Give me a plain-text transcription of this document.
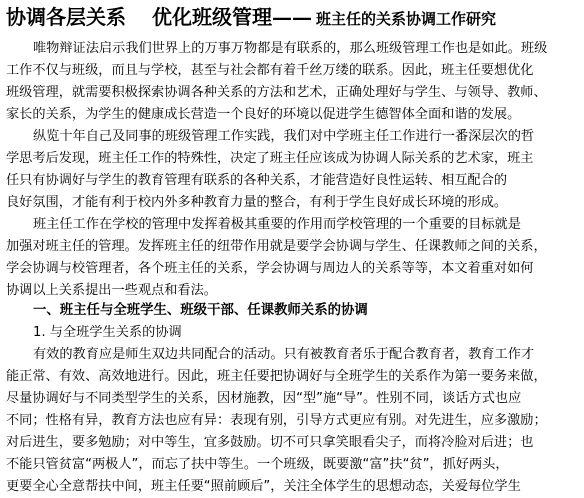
协调各层关系 优化班级管理—— 班主任的关系协调工作研究
唯物辩证法启示我们世界上的万事万物都是有联系的，那么班级管理工作也是如此。班级
工作不仅与班级，而且与学校，甚至与社会都有着千丝万缕的联系。因此，班主任要想优化
班级管理，就需要积极探索协调各种关系的方法和艺术，正确处理好与学生、与领导、教师、
家长的关系，为学生的健康成长营造一个良好的环境以促进学生德智体全面和谐的发展。
纵览十年自己及同事的班级管理工作实践，我们对中学班主任工作进行一番深层次的哲
学思考后发现，班主任工作的特殊性，决定了班主任应该成为协调人际关系的艺术家，班主
任只有协调好与学生的教育管理有联系的各种关系，才能营造好良性运转、相互配合的
良好氛围，才能有利于校内外多种教育力量的整合，有利于学生良好成长环境的形成。
班主任工作在学校的管理中发挥着极其重要的作用而学校管理的一个重要的目标就是
加强对班主任的管理。发挥班主任的纽带作用就是要学会协调与学生、任课教师之间的关系，
学会协调与校管理者，各个班主任的关系，学会协调与周边人的关系等等，本文着重对如何
协调以上关系提出一些观点和看法。
一、班主任与全班学生、班级干部、任课教师关系的协调
1. 与全班学生关系的协调
有效的教育应是师生双边共同配合的活动。只有被教育者乐于配合教育者，教育工作才
能正常、有效、高效地进行。因此，班主任要把协调好与全班学生的关系作为第一要务来做，
尽量协调好与不同类型学生的关系，因材施教，因“型”施“导”。性别不同，谈话方式也应
不同；性格有异，教育方法也应有异：表现有别，引导方式更应有别。对先进生，应多激励；
对后进生，要多勉励；对中等生，宜多鼓励。切不可只拿笑眼看尖子，而将冷脸对后进；也
不能只管贫富“两极人”，而忘了扶中等生。一个班级，既要激“富”扶“贫”，抓好两头，
更要全心全意帮扶中间，班主任要“照前顾后”，关注全体学生的思想动态，关爱每位学生
